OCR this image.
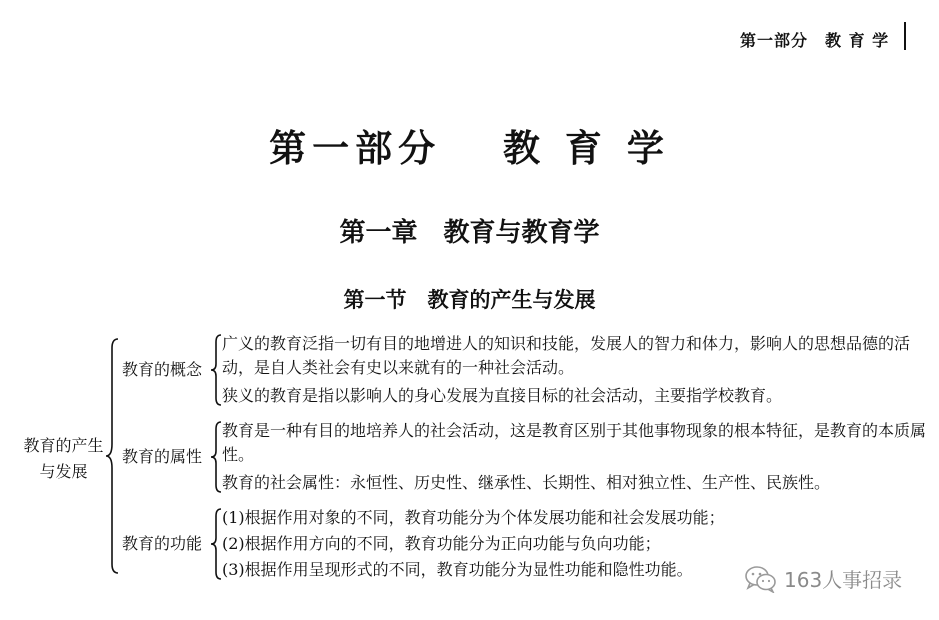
第一部分　教 育 学
第一部分　 教 育 学
第一章　教育与教育学
第一节　教育的产生与发展
教育的产生
与发展
教育的概念
广义的教育泛指一切有目的地增进人的知识和技能，发展人的智力和体力，影响人的思想品德的活动，是自人类社会有史以来就有的一种社会活动。
狭义的教育是指以影响人的身心发展为直接目标的社会活动，主要指学校教育。
教育的属性
教育是一种有目的地培养人的社会活动，这是教育区别于其他事物现象的根本特征，是教育的本质属性。
教育的社会属性：永恒性、历史性、继承性、长期性、相对独立性、生产性、民族性。
教育的功能
(1)根据作用对象的不同，教育功能分为个体发展功能和社会发展功能；
(2)根据作用方向的不同，教育功能分为正向功能与负向功能；
(3)根据作用呈现形式的不同，教育功能分为显性功能和隐性功能。	163人事招录
